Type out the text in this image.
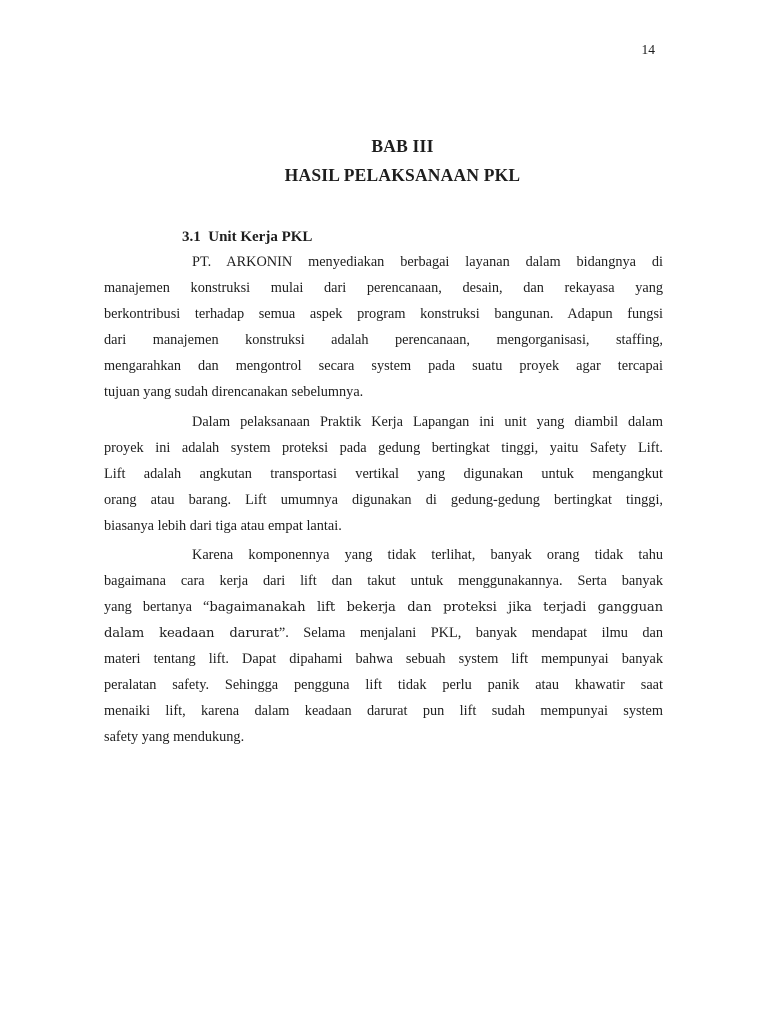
14
BAB III
HASIL PELAKSANAAN PKL
3.1  Unit Kerja PKL
PT. ARKONIN menyediakan berbagai layanan dalam bidangnya di
manajemen konstruksi mulai dari perencanaan, desain, dan rekayasa yang
berkontribusi terhadap semua aspek program konstruksi bangunan. Adapun fungsi
dari manajemen konstruksi adalah perencanaan, mengorganisasi, staffing,
mengarahkan dan mengontrol secara system pada suatu proyek agar tercapai
tujuan yang sudah direncanakan sebelumnya.
Dalam pelaksanaan Praktik Kerja Lapangan ini unit yang diambil dalam
proyek ini adalah system proteksi pada gedung bertingkat tinggi, yaitu Safety Lift.
Lift adalah angkutan transportasi vertikal yang digunakan untuk mengangkut
orang atau barang. Lift umumnya digunakan di gedung-gedung bertingkat tinggi,
biasanya lebih dari tiga atau empat lantai.
Karena komponennya yang tidak terlihat, banyak orang tidak tahu
bagaimana cara kerja dari lift dan takut untuk menggunakannya. Serta banyak
yang bertanya “bagaimanakah lift bekerja dan proteksi jika terjadi gangguan
dalam keadaan darurat”. Selama menjalani PKL, banyak mendapat ilmu dan
materi tentang lift. Dapat dipahami bahwa sebuah system lift mempunyai banyak
peralatan safety. Sehingga pengguna lift tidak perlu panik atau khawatir saat
menaiki lift, karena dalam keadaan darurat pun lift sudah mempunyai system
safety yang mendukung.
